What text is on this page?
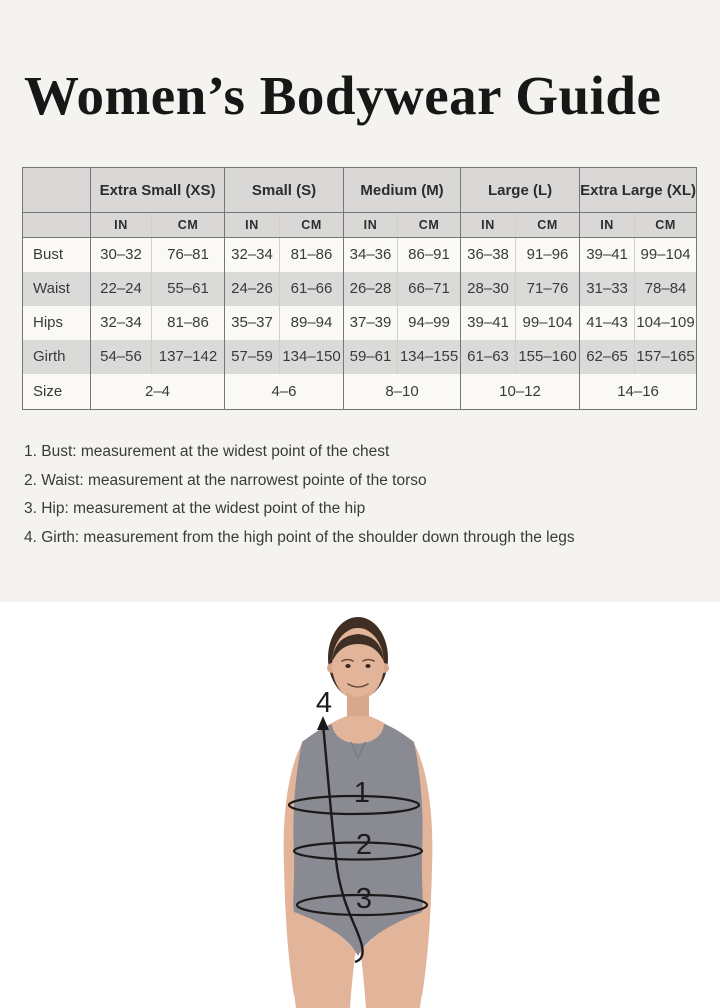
Women’s Bodywear Guide
	Extra Small (XS)		Small (S)		Medium (M)		Large (L)		Extra Large (XL)	
	IN	CM	IN	CM	IN	CM	IN	CM	IN	CM
Bust	30–32	76–81	32–34	81–86	34–36	86–91	36–38	91–96	39–41	99–104
Waist	22–24	55–61	24–26	61–66	26–28	66–71	28–30	71–76	31–33	78–84
Hips	32–34	81–86	35–37	89–94	37–39	94–99	39–41	99–104	41–43	104–109
Girth	54–56	137–142	57–59	134–150	59–61	134–155	61–63	155–160	62–65	157–165
Size	2–4		4–6		8–10		10–12		14–16	
1. Bust: measurement at the widest point of the chest
2. Waist: measurement at the narrowest pointe of the torso
3. Hip: measurement at the widest point of the hip
4. Girth: measurement from the high point of the shoulder down through the legs
1
2
3
4
